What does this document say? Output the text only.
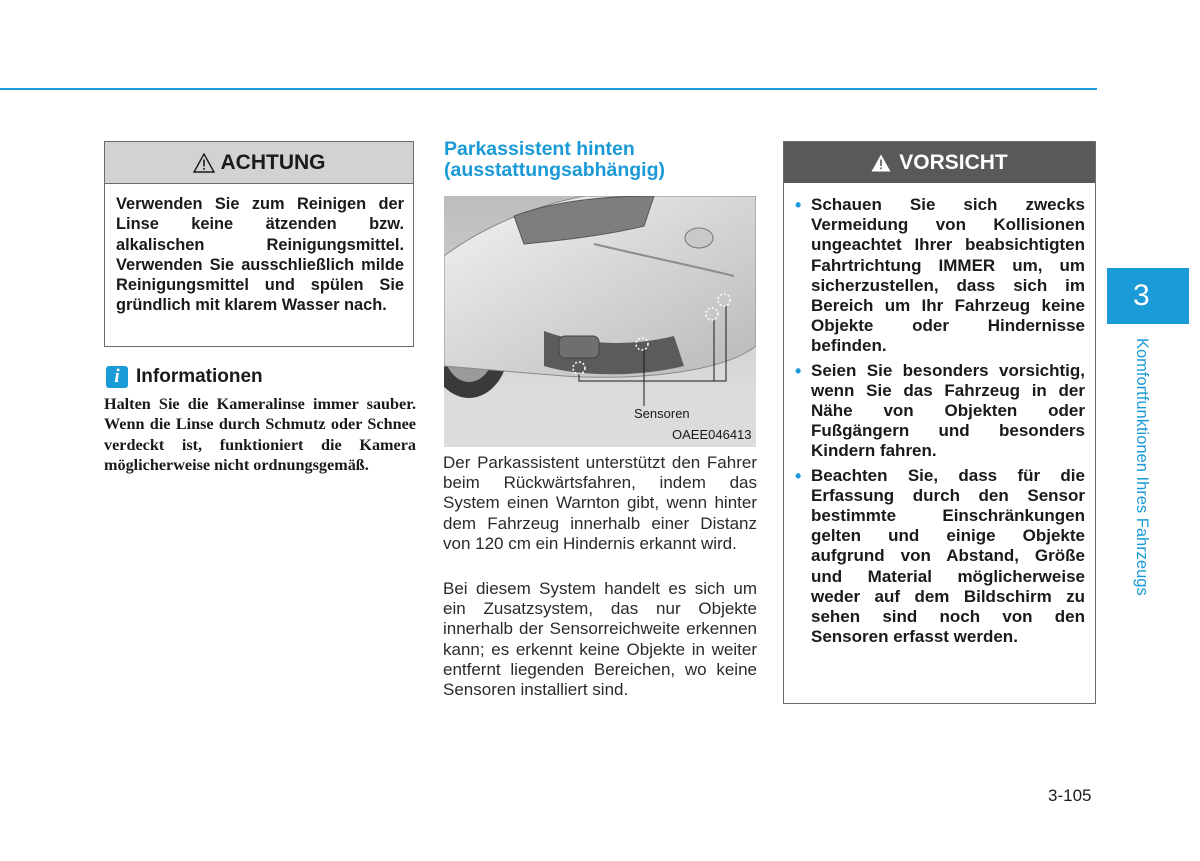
ACHTUNG
Verwenden Sie zum Reinigen der Linse keine ätzenden bzw. alkalischen Reinigungsmittel. Verwenden Sie ausschließlich milde Reinigungsmittel und spülen Sie gründlich mit klarem Wasser nach.
i Informationen
Halten Sie die Kameralinse immer sauber. Wenn die Linse durch Schmutz oder Schnee verdeckt ist, funktioniert die Kamera möglicherweise nicht ordnungsgemäß.
Parkassistent hinten (ausstattungsabhängig)
Sensoren
OAEE046413
Der Parkassistent unterstützt den Fahrer beim Rückwärtsfahren, indem das System einen Warnton gibt, wenn hinter dem Fahrzeug innerhalb einer Distanz von 120 cm ein Hindernis erkannt wird.
Bei diesem System handelt es sich um ein Zusatzsystem, das nur Objekte innerhalb der Sensorreichweite erkennen kann; es erkennt keine Objekte in weiter entfernt liegenden Bereichen, wo keine Sensoren installiert sind.
VORSICHT
• Schauen Sie sich zwecks Vermeidung von Kollisionen ungeachtet Ihrer beabsichtigten Fahrtrichtung IMMER um, um sicherzustellen, dass sich im Bereich um Ihr Fahrzeug keine Objekte oder Hindernisse befinden.
• Seien Sie besonders vorsichtig, wenn Sie das Fahrzeug in der Nähe von Objekten oder Fußgängern und besonders Kindern fahren.
• Beachten Sie, dass für die Erfassung durch den Sensor bestimmte Einschränkungen gelten und einige Objekte aufgrund von Abstand, Größe und Material möglicherweise weder auf dem Bildschirm zu sehen sind noch von den Sensoren erfasst werden.
3
Komfortfunktionen Ihres Fahrzeugs
3-105
